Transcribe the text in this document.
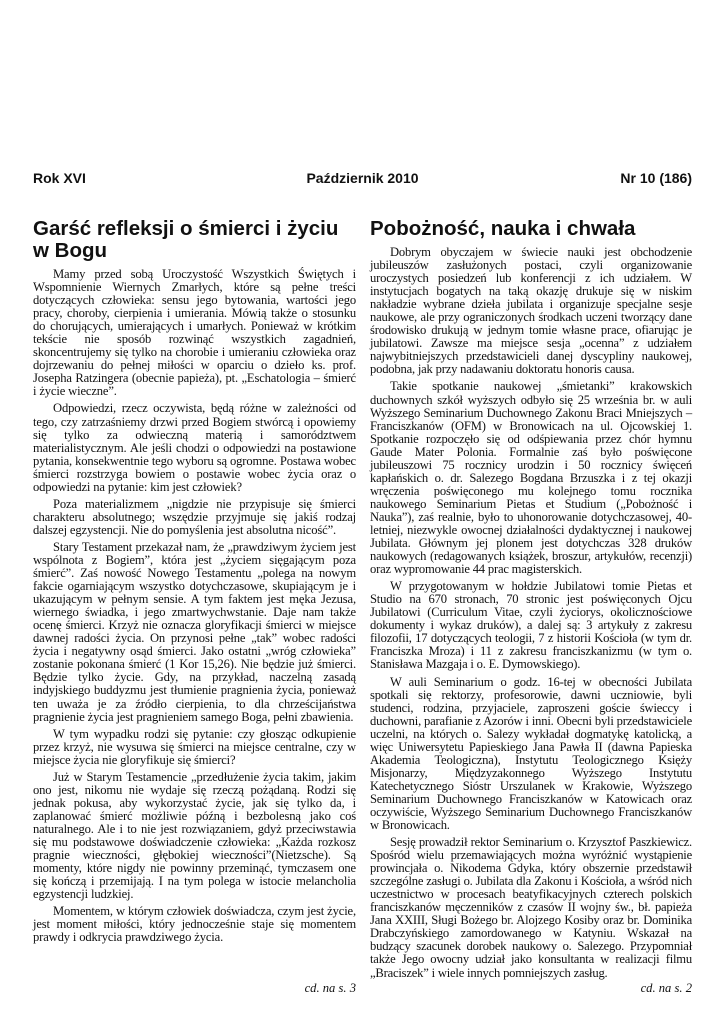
Rok XVI	Październik 2010	Nr 10 (186)
Garść refleksji o śmierci i życiu w Bogu

Mamy przed sobą Uroczystość Wszystkich Świętych i Wspomnienie Wiernych Zmarłych, które są pełne treści dotyczących człowieka: sensu jego bytowania, wartości jego pracy, choroby, cierpienia i umierania. Mówią także o stosunku do chorujących, umierających i umarłych. Ponieważ w krótkim tekście nie sposób rozwinąć wszystkich zagadnień, skoncentrujemy się tylko na chorobie i umieraniu człowieka oraz dojrzewaniu do pełnej miłości w oparciu o dzieło ks. prof. Josepha Ratzingera (obecnie papieża), pt. „Eschatologia – śmierć i życie wieczne”.

Odpowiedzi, rzecz oczywista, będą różne w zależności od tego, czy zatrzaśniemy drzwi przed Bogiem stwórcą i opowiemy się tylko za odwieczną materią i samorództwem materialistycznym. Ale jeśli chodzi o odpowiedzi na postawione pytania, konsekwentnie tego wyboru są ogromne. Postawa wobec śmierci rozstrzyga bowiem o postawie wobec życia oraz o odpowiedzi na pytanie: kim jest człowiek?

Poza materializmem „nigdzie nie przypisuje się śmierci charakteru absolutnego; wszędzie przyjmuje się jakiś rodzaj dalszej egzystencji. Nie do pomyślenia jest absolutna nicość”.

Stary Testament przekazał nam, że „prawdziwym życiem jest wspólnota z Bogiem”, która jest „życiem sięgającym poza śmierć”. Zaś nowość Nowego Testamentu „polega na nowym fakcie ogarniającym wszystko dotychczasowe, skupiającym je i ukazującym w pełnym sensie. A tym faktem jest męka Jezusa, wiernego świadka, i jego zmartwychwstanie. Daje nam także ocenę śmierci. Krzyż nie oznacza gloryfikacji śmierci w miejsce dawnej radości życia. On przynosi pełne „tak” wobec radości życia i negatywny osąd śmierci. Jako ostatni „wróg człowieka” zostanie pokonana śmierć (1 Kor 15,26). Nie będzie już śmierci. Będzie tylko życie. Gdy, na przykład, naczelną zasadą indyjskiego buddyzmu jest tłumienie pragnienia życia, ponieważ ten uważa je za źródło cierpienia, to dla chrześcijaństwa pragnienie życia jest pragnieniem samego Boga, pełni zbawienia.

W tym wypadku rodzi się pytanie: czy głosząc odkupienie przez krzyż, nie wysuwa się śmierci na miejsce centralne, czy w miejsce życia nie gloryfikuje się śmierci?

Już w Starym Testamencie „przedłużenie życia takim, jakim ono jest, nikomu nie wydaje się rzeczą pożądaną. Rodzi się jednak pokusa, aby wykorzystać życie, jak się tylko da, i zaplanować śmierć możliwie późną i bezbolesną jako coś naturalnego. Ale i to nie jest rozwiązaniem, gdyż przeciwstawia się mu podstawowe doświadczenie człowieka: „Każda rozkosz pragnie wieczności, głębokiej wieczności”(Nietzsche). Są momenty, które nigdy nie powinny przeminąć, tymczasem one się kończą i przemijają. I na tym polega w istocie melancholia egzystencji ludzkiej.

Momentem, w którym człowiek doświadcza, czym jest życie, jest moment miłości, który jednocześnie staje się momentem prawdy i odkrycia prawdziwego życia.

cd. na s. 3
Pobożność, nauka i chwała

Dobrym obyczajem w świecie nauki jest obchodzenie jubileuszów zasłużonych postaci, czyli organizowanie uroczystych posiedzeń lub konferencji z ich udziałem. W instytucjach bogatych na taką okazję drukuje się w niskim nakładzie wybrane dzieła jubilata i organizuje specjalne sesje naukowe, ale przy ograniczonych środkach uczeni tworzący dane środowisko drukują w jednym tomie własne prace, ofiarując je jubilatowi. Zawsze ma miejsce sesja „ocenna” z udziałem najwybitniejszych przedstawicieli danej dyscypliny naukowej, podobna, jak przy nadawaniu doktoratu honoris causa.

Takie spotkanie naukowej „śmietanki” krakowskich duchownych szkół wyższych odbyło się 25 września br. w auli Wyższego Seminarium Duchownego Zakonu Braci Mniejszych – Franciszkanów (OFM) w Bronowicach na ul. Ojcowskiej 1. Spotkanie rozpoczęło się od odśpiewania przez chór hymnu Gaude Mater Polonia. Formalnie zaś było poświęcone jubileuszowi 75 rocznicy urodzin i 50 rocznicy święceń kapłańskich o. dr. Salezego Bogdana Brzuszka i z tej okazji wręczenia poświęconego mu kolejnego tomu rocznika naukowego Seminarium Pietas et Studium („Pobożność i Nauka”), zaś realnie, było to uhonorowanie dotychczasowej, 40-letniej, niezwykle owocnej działalności dydaktycznej i naukowej Jubilata. Głównym jej plonem jest dotychczas 328 druków naukowych (redagowanych książek, broszur, artykułów, recenzji) oraz wypromowanie 44 prac magisterskich.

W przygotowanym w hołdzie Jubilatowi tomie Pietas et Studio na 670 stronach, 70 stronic jest poświęconych Ojcu Jubilatowi (Curriculum Vitae, czyli życiorys, okolicznościowe dokumenty i wykaz druków), a dalej są: 3 artykuły z zakresu filozofii, 17 dotyczących teologii, 7 z historii Kościoła (w tym dr. Franciszka Mroza) i 11 z zakresu franciszkanizmu (w tym o. Stanisława Mazgaja i o. E. Dymowskiego).

W auli Seminarium o godz. 16-tej w obecności Jubilata spotkali się rektorzy, profesorowie, dawni uczniowie, byli studenci, rodzina, przyjaciele, zaproszeni goście świeccy i duchowni, parafianie z Azorów i inni. Obecni byli przedstawiciele uczelni, na których o. Salezy wykładał dogmatykę katolicką, a więc Uniwersytetu Papieskiego Jana Pawła II (dawna Papieska Akademia Teologiczna), Instytutu Teologicznego Księży Misjonarzy, Międzyzakonnego Wyższego Instytutu Katechetycznego Sióstr Urszulanek w Krakowie, Wyższego Seminarium Duchownego Franciszkanów w Katowicach oraz oczywiście, Wyższego Seminarium Duchownego Franciszkanów w Bronowicach.

Sesję prowadził rektor Seminarium o. Krzysztof Paszkiewicz. Spośród wielu przemawiających można wyróżnić wystąpienie prowincjała o. Nikodema Gdyka, który obszernie przedstawił szczególne zasługi o. Jubilata dla Zakonu i Kościoła, a wśród nich uczestnictwo w procesach beatyfikacyjnych czterech polskich franciszkanów męczenników z czasów II wojny św., bł. papieża Jana XXIII, Sługi Bożego br. Alojzego Kosiby oraz br. Dominika Drabczyńskiego zamordowanego w Katyniu. Wskazał na budzący szacunek dorobek naukowy o. Salezego. Przypomniał także Jego owocny udział jako konsultanta w realizacji filmu „Braciszek” i wiele innych pomniejszych zasług.

cd. na s. 2
